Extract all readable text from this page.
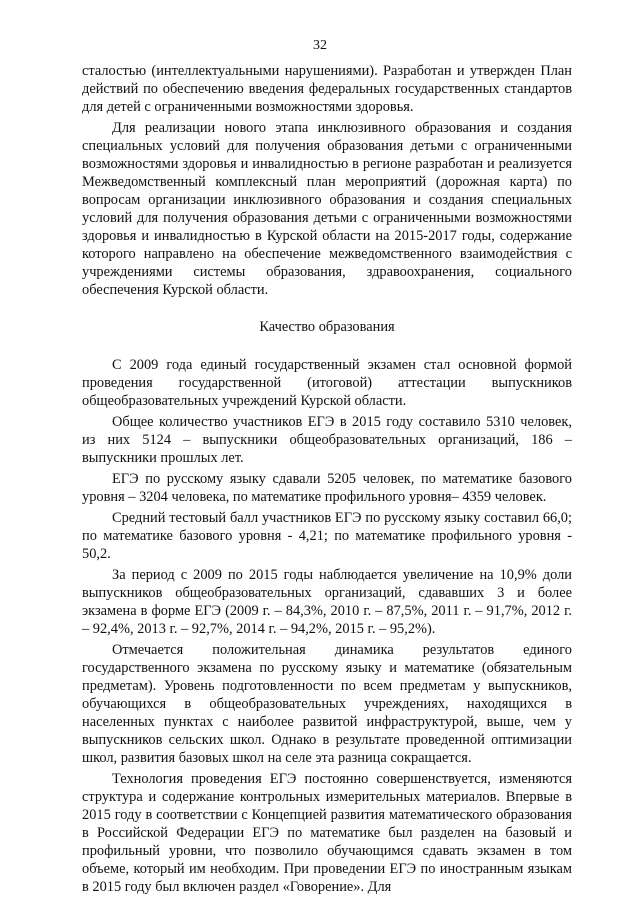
32

сталостью (интеллектуальными нарушениями). Разработан и утвержден План действий по обеспечению введения федеральных государственных стандартов для детей с ограниченными возможностями здоровья.

Для реализации нового этапа инклюзивного образования и создания специальных условий для получения образования детьми с ограниченными возможностями здоровья и инвалидностью в регионе разработан и реализуется Межведомственный комплексный план мероприятий (дорожная карта) по вопросам организации инклюзивного образования и создания специальных условий для получения образования детьми с ограниченными возможностями здоровья и инвалидностью в Курской области на 2015-2017 годы, содержание которого направлено на обеспечение межведомственного взаимодействия с учреждениями системы образования, здравоохранения, социального обеспечения Курской области.

Качество образования

С 2009 года единый государственный экзамен стал основной формой проведения государственной (итоговой) аттестации выпускников общеобразовательных учреждений Курской области.

Общее количество участников ЕГЭ в 2015 году составило 5310 человек, из них 5124 – выпускники общеобразовательных организаций, 186 – выпускники прошлых лет.

ЕГЭ по русскому языку сдавали 5205 человек, по математике базового уровня – 3204 человека, по математике профильного уровня– 4359 человек.

Средний тестовый балл участников ЕГЭ по русскому языку составил 66,0; по математике базового уровня - 4,21; по математике профильного уровня - 50,2.

За период с 2009 по 2015 годы наблюдается увеличение на 10,9% доли выпускников общеобразовательных организаций, сдававших 3 и более экзамена в форме ЕГЭ (2009 г. – 84,3%, 2010 г. – 87,5%, 2011 г. – 91,7%, 2012 г. – 92,4%, 2013 г. – 92,7%, 2014 г. – 94,2%, 2015 г. – 95,2%).

Отмечается положительная динамика результатов единого государственного экзамена по русскому языку и математике (обязательным предметам). Уровень подготовленности по всем предметам у выпускников, обучающихся в общеобразовательных учреждениях, находящихся в населенных пунктах с наиболее развитой инфраструктурой, выше, чем у выпускников сельских школ. Однако в результате проведенной оптимизации школ, развития базовых школ на селе эта разница сокращается.

Технология проведения ЕГЭ постоянно совершенствуется, изменяются структура и содержание контрольных измерительных материалов. Впервые в 2015 году в соответствии с Концепцией развития математического образования в Российской Федерации ЕГЭ по математике был разделен на базовый и профильный уровни, что позволило обучающимся сдавать экзамен в том объеме, который им необходим. При проведении ЕГЭ по иностранным языкам в 2015 году был включен раздел «Говорение». Для
